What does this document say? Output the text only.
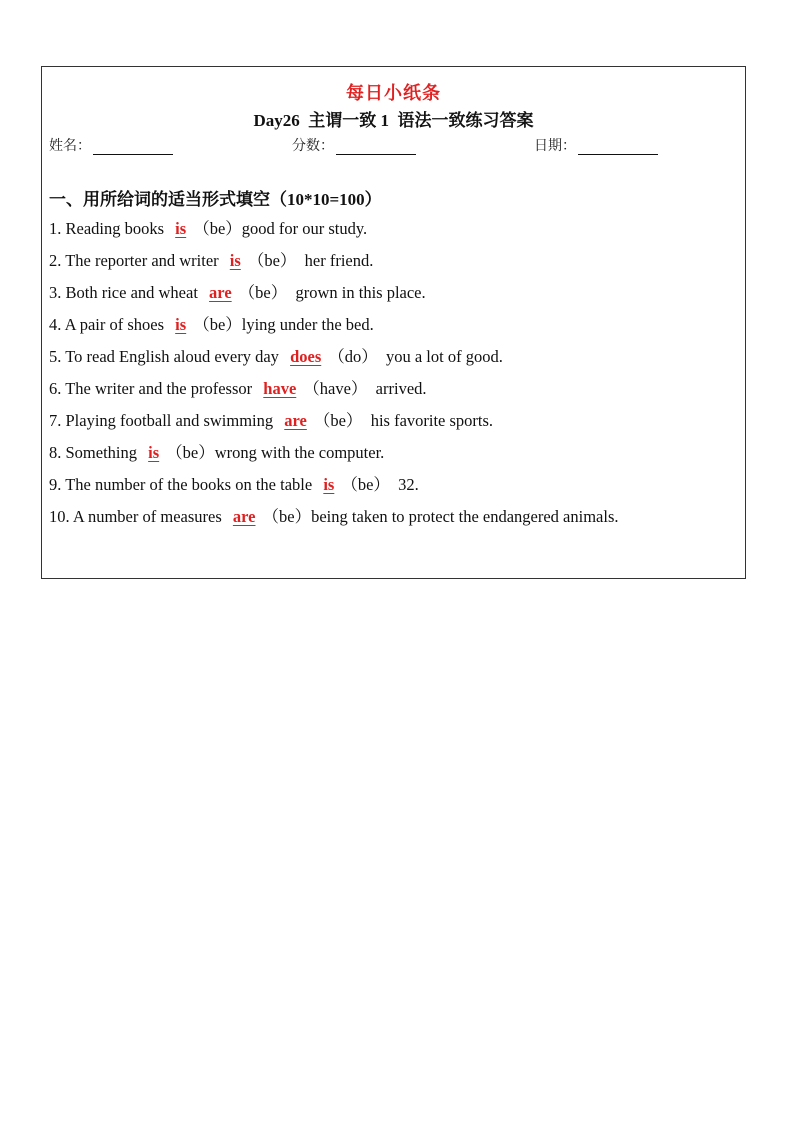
每日小纸条
Day26  主谓一致 1  语法一致练习答案
姓名：	分数：	日期：
一、用所给词的适当形式填空（10*10=100）
1. Reading books is （be）good for our study.
2. The reporter and writer is （be）  her friend.
3. Both rice and wheat are （be）  grown in this place.
4. A pair of shoes is （be）lying under the bed.
5. To read English aloud every day does （do）  you a lot of good.
6. The writer and the professor have （have）  arrived.
7. Playing football and swimming are （be）  his favorite sports.
8. Something is （be）wrong with the computer.
9. The number of the books on the table is （be）  32.
10. A number of measures are （be）being taken to protect the endangered animals.
